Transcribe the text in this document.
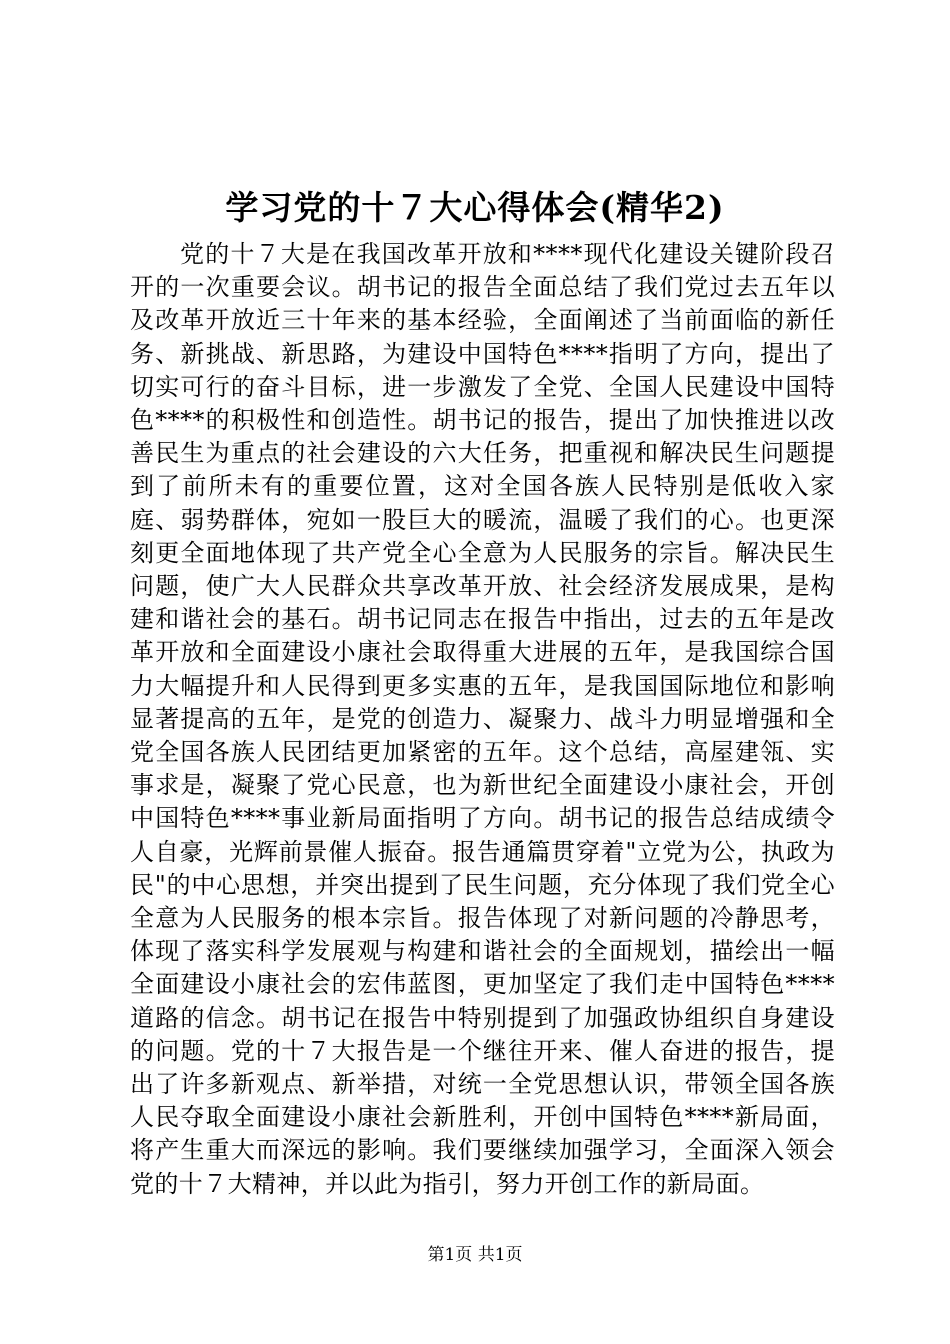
学习党的十７大心得体会(精华2)

党的十７大是在我国改革开放和****现代化建设关键阶段召开的一次重要会议。胡书记的报告全面总结了我们党过去五年以及改革开放近三十年来的基本经验，全面阐述了当前面临的新任务、新挑战、新思路，为建设中国特色****指明了方向，提出了切实可行的奋斗目标，进一步激发了全党、全国人民建设中国特色****的积极性和创造性。胡书记的报告，提出了加快推进以改善民生为重点的社会建设的六大任务，把重视和解决民生问题提到了前所未有的重要位置，这对全国各族人民特别是低收入家庭、弱势群体，宛如一股巨大的暖流，温暖了我们的心。也更深刻更全面地体现了共产党全心全意为人民服务的宗旨。解决民生问题，使广大人民群众共享改革开放、社会经济发展成果，是构建和谐社会的基石。胡书记同志在报告中指出，过去的五年是改革开放和全面建设小康社会取得重大进展的五年，是我国综合国力大幅提升和人民得到更多实惠的五年，是我国国际地位和影响显著提高的五年，是党的创造力、凝聚力、战斗力明显增强和全党全国各族人民团结更加紧密的五年。这个总结，高屋建瓴、实事求是，凝聚了党心民意，也为新世纪全面建设小康社会，开创中国特色****事业新局面指明了方向。胡书记的报告总结成绩令人自豪，光辉前景催人振奋。报告通篇贯穿着"立党为公，执政为民"的中心思想，并突出提到了民生问题，充分体现了我们党全心全意为人民服务的根本宗旨。报告体现了对新问题的冷静思考，体现了落实科学发展观与构建和谐社会的全面规划，描绘出一幅全面建设小康社会的宏伟蓝图，更加坚定了我们走中国特色****道路的信念。胡书记在报告中特别提到了加强政协组织自身建设的问题。党的十７大报告是一个继往开来、催人奋进的报告，提出了许多新观点、新举措，对统一全党思想认识，带领全国各族人民夺取全面建设小康社会新胜利，开创中国特色****新局面，将产生重大而深远的影响。我们要继续加强学习，全面深入领会党的十７大精神，并以此为指引，努力开创工作的新局面。

第1页 共1页
